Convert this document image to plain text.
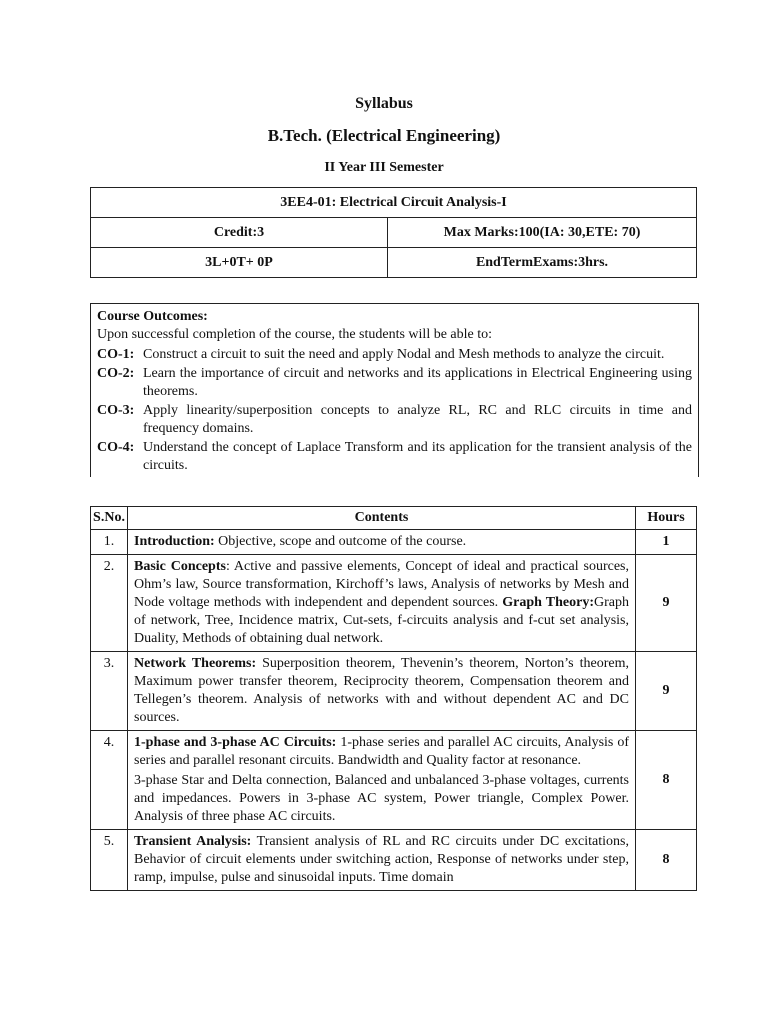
Syllabus
B.Tech. (Electrical Engineering)
II Year III Semester
3EE4-01: Electrical Circuit Analysis-I	
Credit:3	Max Marks:100(IA: 30,ETE: 70)
3L+0T+ 0P	EndTermExams:3hrs.
Course Outcomes:
Upon successful completion of the course, the students will be able to:
CO-1: Construct a circuit to suit the need and apply Nodal and Mesh methods to analyze the circuit.
CO-2: Learn the importance of circuit and networks and its applications in Electrical Engineering using theorems.
CO-3: Apply linearity/superposition concepts to analyze RL, RC and RLC circuits in time and frequency domains.
CO-4: Understand the concept of Laplace Transform and its application for the transient analysis of the circuits.
S.No.	Contents	Hours
1.	Introduction: Objective, scope and outcome of the course.	1
2.	Basic Concepts: Active and passive elements, Concept of ideal and practical sources, Ohm’s law, Source transformation, Kirchoff’s laws, Analysis of networks by Mesh and Node voltage methods with independent and dependent sources. Graph Theory:Graph of network, Tree, Incidence matrix, Cut-sets, f-circuits analysis and f-cut set analysis, Duality, Methods of obtaining dual network.	9
3.	Network Theorems: Superposition theorem, Thevenin’s theorem, Norton’s theorem, Maximum power transfer theorem, Reciprocity theorem, Compensation theorem and Tellegen’s theorem. Analysis of networks with and without dependent AC and DC sources.	9
4.	1-phase and 3-phase AC Circuits: 1-phase series and parallel AC circuits, Analysis of series and parallel resonant circuits. Bandwidth and Quality factor at resonance.
3-phase Star and Delta connection, Balanced and unbalanced 3-phase voltages, currents and impedances. Powers in 3-phase AC system, Power triangle, Complex Power. Analysis of three phase AC circuits.	8
5.	Transient Analysis: Transient analysis of RL and RC circuits under DC excitations, Behavior of circuit elements under switching action, Response of networks under step, ramp, impulse, pulse and sinusoidal inputs. Time domain	8
